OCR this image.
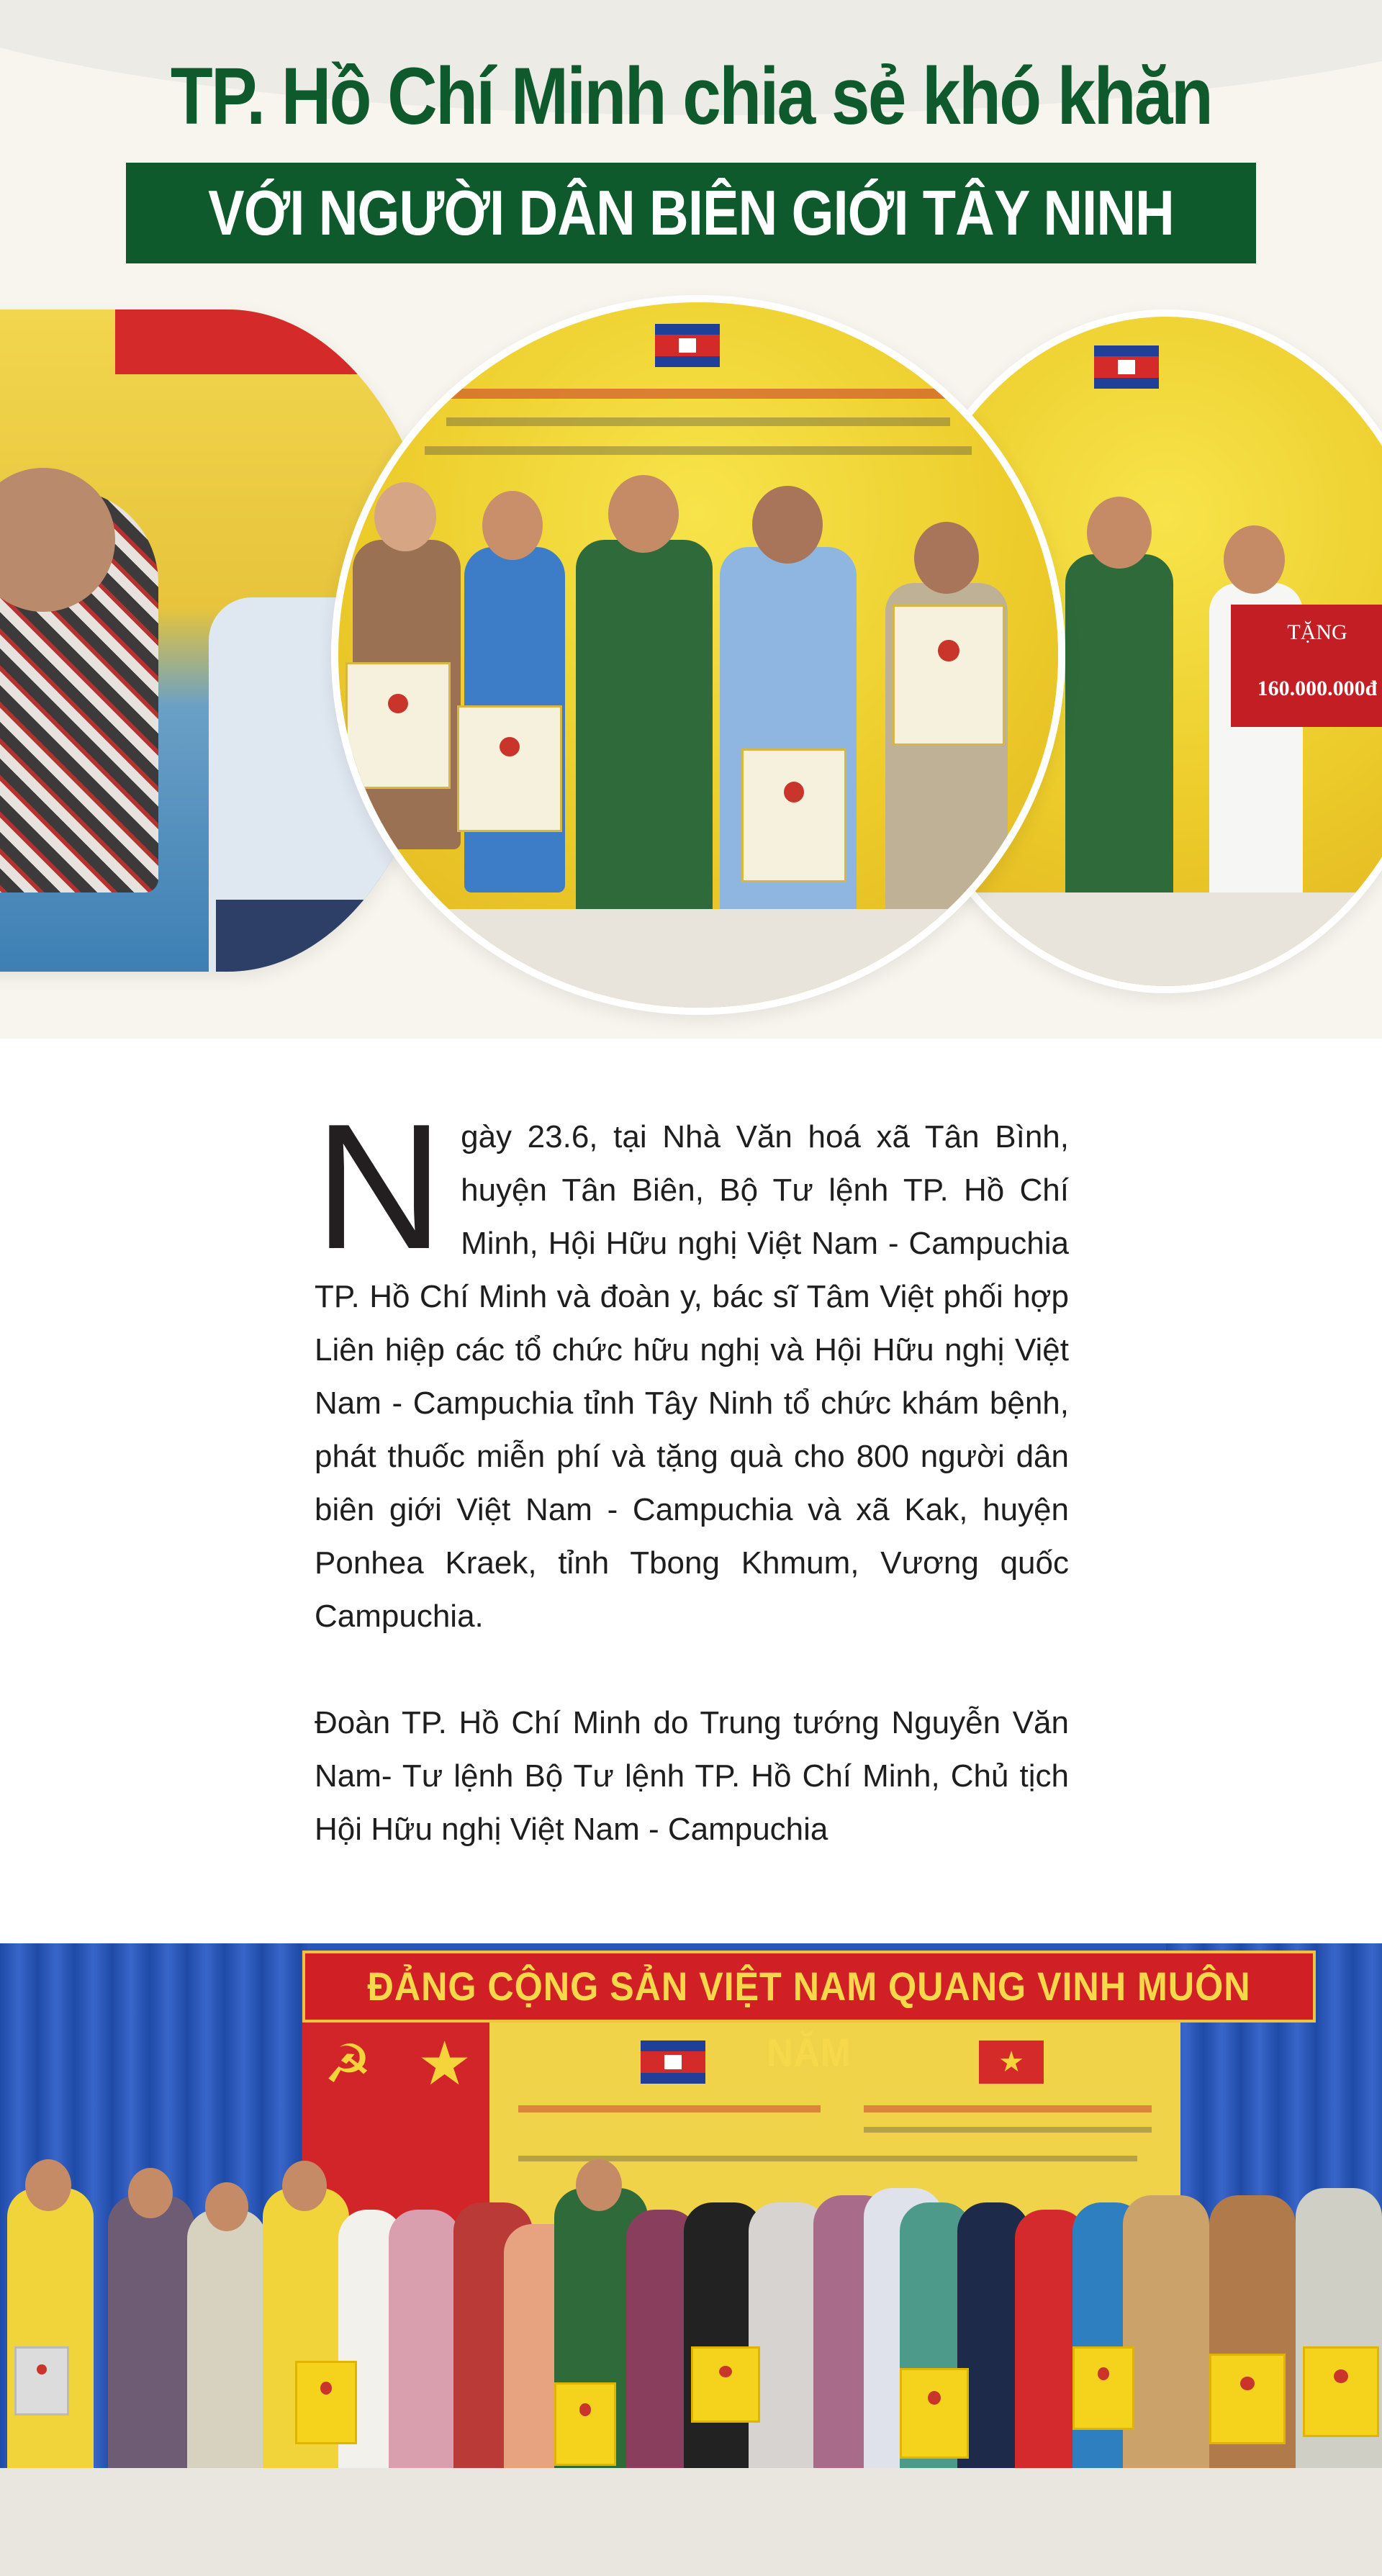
TP. Hồ Chí Minh chia sẻ khó khăn
VỚI NGƯỜI DÂN BIÊN GIỚI TÂY NINH
TẶNG
160.000.000đ

Ngày 23.6, tại Nhà Văn hoá xã Tân Bình, huyện Tân Biên, Bộ Tư lệnh TP. Hồ Chí Minh, Hội Hữu nghị Việt Nam - Campuchia TP. Hồ Chí Minh và đoàn y, bác sĩ Tâm Việt phối hợp Liên hiệp các tổ chức hữu nghị và Hội Hữu nghị Việt Nam - Campuchia tỉnh Tây Ninh tổ chức khám bệnh, phát thuốc miễn phí và tặng quà cho 800 người dân biên giới Việt Nam - Campuchia và xã Kak, huyện Ponhea Kraek, tỉnh Tbong Khmum, Vương quốc Campuchia.

Đoàn TP. Hồ Chí Minh do Trung tướng Nguyễn Văn Nam- Tư lệnh Bộ Tư lệnh TP. Hồ Chí Minh, Chủ tịch Hội Hữu nghị Việt Nam - Campuchia

★
ĐẢNG CỘNG SẢN VIỆT NAM QUANG VINH MUÔN NĂM
☭ ★
